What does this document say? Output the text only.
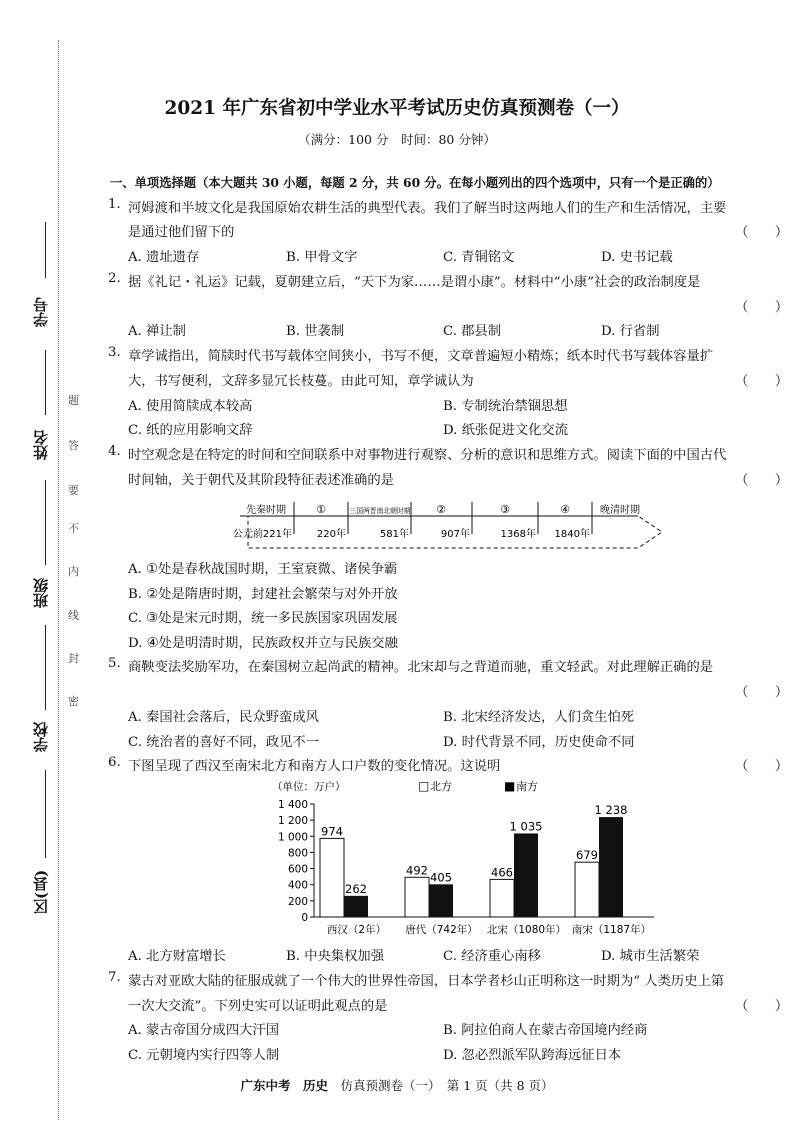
学号
姓名
班级
学校
区(县)
题
答
要
不
内
线
封
密
2021 年广东省初中学业水平考试历史仿真预测卷（一）
（满分：100 分　时间：80 分钟）
一、单项选择题（本大题共 30 小题，每题 2 分，共 60 分。在每小题列出的四个选项中，只有一个是正确的）
1. 河姆渡和半坡文化是我国原始农耕生活的典型代表。我们了解当时这两地人们的生产和生活情况，主要
是通过他们留下的	（　　）
A. 遗址遗存	B. 甲骨文字	C. 青铜铭文	D. 史书记载
2. 据《礼记・礼运》记载，夏朝建立后，“天下为家……是谓小康”。材料中“小康”社会的政治制度是
（　　）
A. 禅让制	B. 世袭制	C. 郡县制	D. 行省制
3. 章学诚指出，简牍时代书写载体空间狭小，书写不便，文章普遍短小精炼；纸本时代书写载体容量扩
大，书写便利，文辞多显冗长枝蔓。由此可知，章学诚认为	（　　）
A. 使用简牍成本较高	B. 专制统治禁锢思想
C. 纸的应用影响文辞	D. 纸张促进文化交流
4. 时空观念是在特定的时间和空间联系中对事物进行观察、分析的意识和思维方式。阅读下面的中国古代
时间轴，关于朝代及其阶段特征表述准确的是	（　　）
先秦时期	①	三国两晋南北朝时期 ②	③	④	晚清时期
公元前221年 220年	581年	907年	1368年 1840年
A. ①处是春秋战国时期，王室衰微、诸侯争霸
B. ②处是隋唐时期，封建社会繁荣与对外开放
C. ③处是宋元时期，统一多民族国家巩固发展
D. ④处是明清时期，民族政权并立与民族交融
5. 商鞅变法奖励军功，在秦国树立起尚武的精神。北宋却与之背道而驰，重文轻武。对此理解正确的是
（　　）
A. 秦国社会落后，民众野蛮成风	B. 北宋经济发达，人们贪生怕死
C. 统治者的喜好不同，政见不一	D. 时代背景不同，历史使命不同
6. 下图呈现了西汉至南宋北方和南方人口户数的变化情况。这说明	（　　）
（单位：万户）	□ 北方	■ 南方
0
200
400
600
800
1 000
1 200
1 400
974
262
西汉（2年）
492
405
唐代（742年）
466
1 035
北宋（1080年）
679
1 238
南宋（1187年）
A. 北方财富增长	B. 中央集权加强	C. 经济重心南移	D. 城市生活繁荣
7. 蒙古对亚欧大陆的征服成就了一个伟大的世界性帝国，日本学者杉山正明称这一时期为“ 人类历史上第
一次大交流”。下列史实可以证明此观点的是	（　　）
A. 蒙古帝国分成四大汗国	B. 阿拉伯商人在蒙古帝国境内经商
C. 元朝境内实行四等人制	D. 忽必烈派军队跨海远征日本
广东中考　历史　 仿真预测卷（一）　第 1 页（共 8 页）
